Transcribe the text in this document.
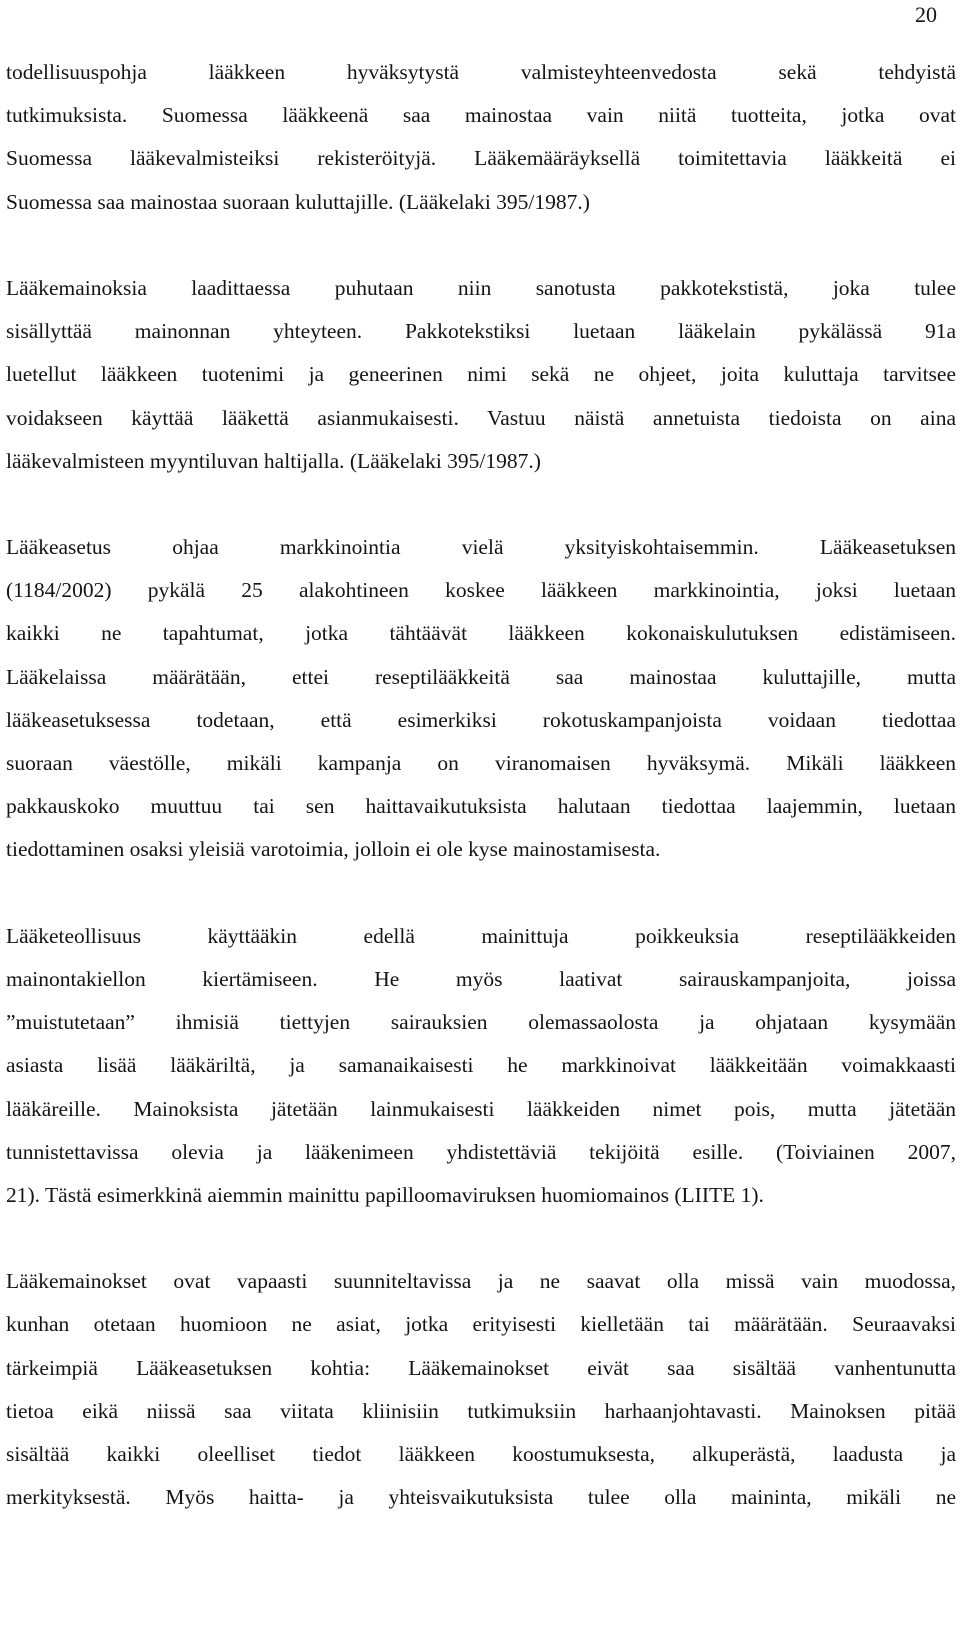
20
todellisuuspohja lääkkeen hyväksytystä valmisteyhteenvedosta sekä tehdyistä
tutkimuksista. Suomessa lääkkeenä saa mainostaa vain niitä tuotteita, jotka ovat
Suomessa lääkevalmisteiksi rekisteröityjä. Lääkemääräyksellä toimitettavia lääkkeitä ei
Suomessa saa mainostaa suoraan kuluttajille. (Lääkelaki 395/1987.)
Lääkemainoksia laadittaessa puhutaan niin sanotusta pakkotekstistä, joka tulee
sisällyttää mainonnan yhteyteen. Pakkotekstiksi luetaan lääkelain pykälässä 91a
luetellut lääkkeen tuotenimi ja geneerinen nimi sekä ne ohjeet, joita kuluttaja tarvitsee
voidakseen käyttää lääkettä asianmukaisesti. Vastuu näistä annetuista tiedoista on aina
lääkevalmisteen myyntiluvan haltijalla. (Lääkelaki 395/1987.)
Lääkeasetus ohjaa markkinointia vielä yksityiskohtaisemmin. Lääkeasetuksen
(1184/2002) pykälä 25 alakohtineen koskee lääkkeen markkinointia, joksi luetaan
kaikki ne tapahtumat, jotka tähtäävät lääkkeen kokonaiskulutuksen edistämiseen.
Lääkelaissa määrätään, ettei reseptilääkkeitä saa mainostaa kuluttajille, mutta
lääkeasetuksessa todetaan, että esimerkiksi rokotuskampanjoista voidaan tiedottaa
suoraan väestölle, mikäli kampanja on viranomaisen hyväksymä. Mikäli lääkkeen
pakkauskoko muuttuu tai sen haittavaikutuksista halutaan tiedottaa laajemmin, luetaan
tiedottaminen osaksi yleisiä varotoimia, jolloin ei ole kyse mainostamisesta.
Lääketeollisuus käyttääkin edellä mainittuja poikkeuksia reseptilääkkeiden
mainontakiellon kiertämiseen. He myös laativat sairauskampanjoita, joissa
”muistutetaan” ihmisiä tiettyjen sairauksien olemassaolosta ja ohjataan kysymään
asiasta lisää lääkäriltä, ja samanaikaisesti he markkinoivat lääkkeitään voimakkaasti
lääkäreille. Mainoksista jätetään lainmukaisesti lääkkeiden nimet pois, mutta jätetään
tunnistettavissa olevia ja lääkenimeen yhdistettäviä tekijöitä esille. (Toiviainen 2007,
21). Tästä esimerkkinä aiemmin mainittu papilloomaviruksen huomiomainos (LIITE 1).
Lääkemainokset ovat vapaasti suunniteltavissa ja ne saavat olla missä vain muodossa,
kunhan otetaan huomioon ne asiat, jotka erityisesti kielletään tai määrätään. Seuraavaksi
tärkeimpiä Lääkeasetuksen kohtia: Lääkemainokset eivät saa sisältää vanhentunutta
tietoa eikä niissä saa viitata kliinisiin tutkimuksiin harhaanjohtavasti. Mainoksen pitää
sisältää kaikki oleelliset tiedot lääkkeen koostumuksesta, alkuperästä, laadusta ja
merkityksestä. Myös haitta- ja yhteisvaikutuksista tulee olla maininta, mikäli ne
